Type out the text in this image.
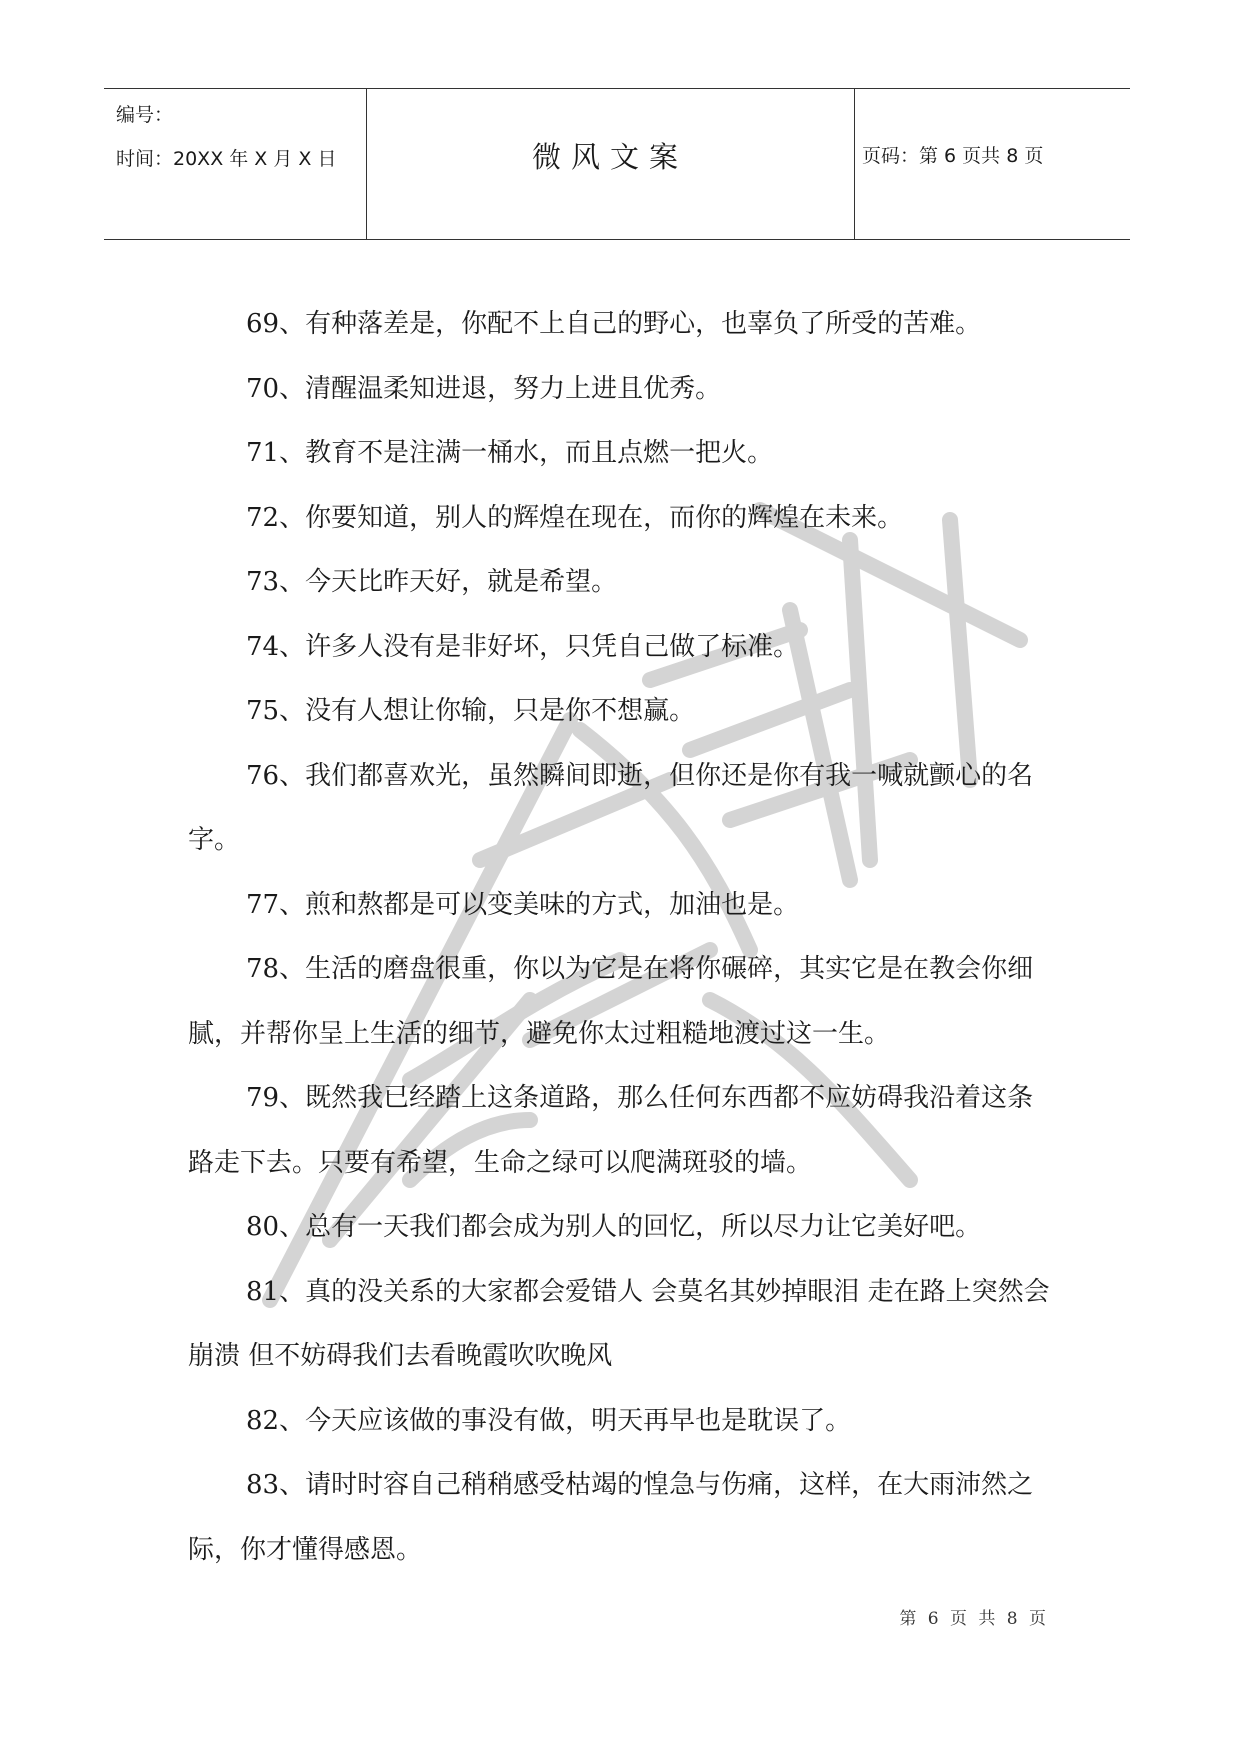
编号：
时间：20XX 年 X 月 X 日	微风文案	页码：第 6 页共 8 页

69、有种落差是，你配不上自己的野心，也辜负了所受的苦难。

70、清醒温柔知进退，努力上进且优秀。

71、教育不是注满一桶水，而且点燃一把火。

72、你要知道，别人的辉煌在现在，而你的辉煌在未来。

73、今天比昨天好，就是希望。

74、许多人没有是非好坏，只凭自己做了标准。

75、没有人想让你输，只是你不想赢。

76、我们都喜欢光，虽然瞬间即逝，但你还是你有我一喊就颤心的名字。

77、煎和熬都是可以变美味的方式，加油也是。

78、生活的磨盘很重，你以为它是在将你碾碎，其实它是在教会你细腻，并帮你呈上生活的细节，避免你太过粗糙地渡过这一生。

79、既然我已经踏上这条道路，那么任何东西都不应妨碍我沿着这条路走下去。只要有希望，生命之绿可以爬满斑驳的墙。

80、总有一天我们都会成为别人的回忆，所以尽力让它美好吧。

81、真的没关系的大家都会爱错人 会莫名其妙掉眼泪 走在路上突然会崩溃 但不妨碍我们去看晚霞吹吹晚风

82、今天应该做的事没有做，明天再早也是耽误了。

83、请时时容自己稍稍感受枯竭的惶急与伤痛，这样，在大雨沛然之际，你才懂得感恩。

第 6 页 共 8 页
